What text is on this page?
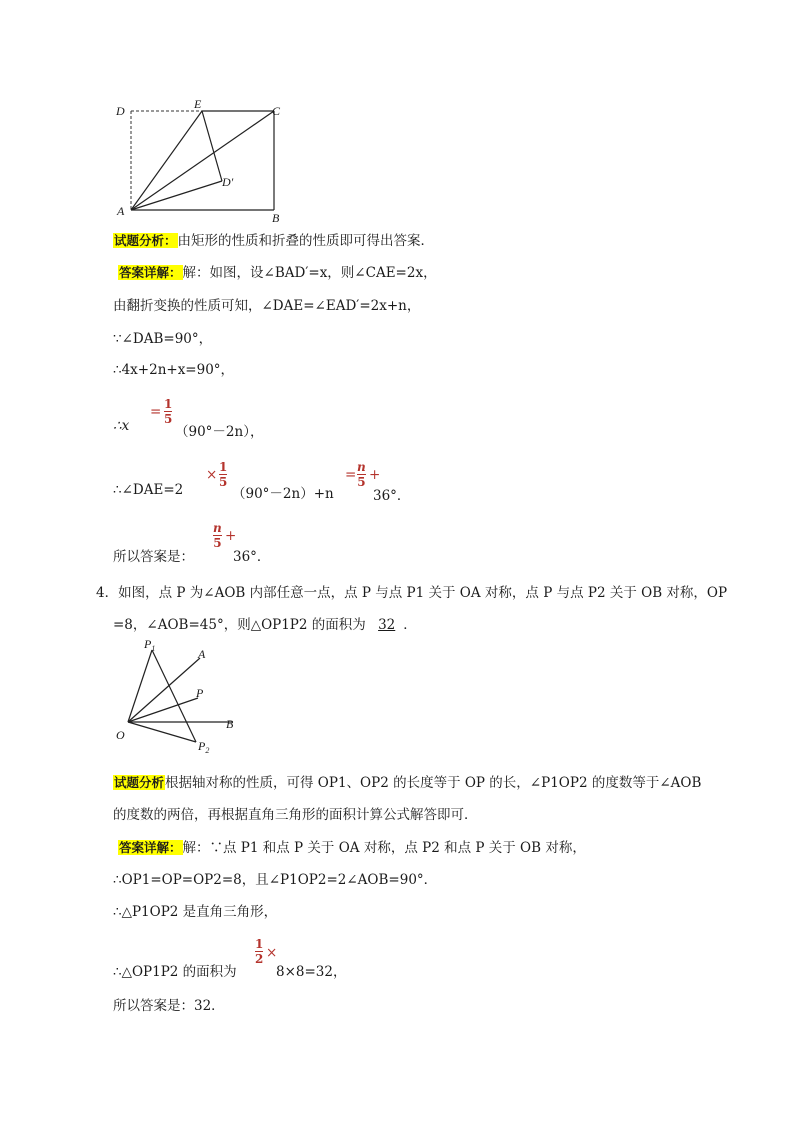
D	E	C
D′
A	B
试题分析：由矩形的性质和折叠的性质即可得出答案．
答案详解：解：如图，设∠BAD′=x，则∠CAE=2x，
由翻折变换的性质可知，∠DAE=∠EAD′=2x+n，
∵∠DAB=90°，
∴4x+2n+x=90°，
∴x
= $\frac{1}{5}$
（90°－2n），
∴∠DAE=2
× $\frac{1}{5}$
（90°－2n）+n
= $\frac{n}{5}$ +
36°．
所以答案是：
$\frac{n}{5}$ +
36°．
4．如图，点 P 为∠AOB 内部任意一点，点 P 与点 P1 关于 OA 对称，点 P 与点 P2 关于 OB 对称，OP
=8，∠AOB=45°，则△OP1P2 的面积为 32 ．
$P_1$	A
P
B
O
$P_2$
试题分析根据轴对称的性质，可得 OP1、OP2 的长度等于 OP 的长，∠P1OP2 的度数等于∠AOB
的度数的两倍，再根据直角三角形的面积计算公式解答即可．
答案详解：解：∵点 P1 和点 P 关于 OA 对称，点 P2 和点 P 关于 OB 对称，
∴OP1=OP=OP2=8，且∠P1OP2=2∠AOB=90°．
∴△P1OP2 是直角三角形，
∴△OP1P2 的面积为
$\frac{1}{2}$ ×
8×8=32，
所以答案是：32．
